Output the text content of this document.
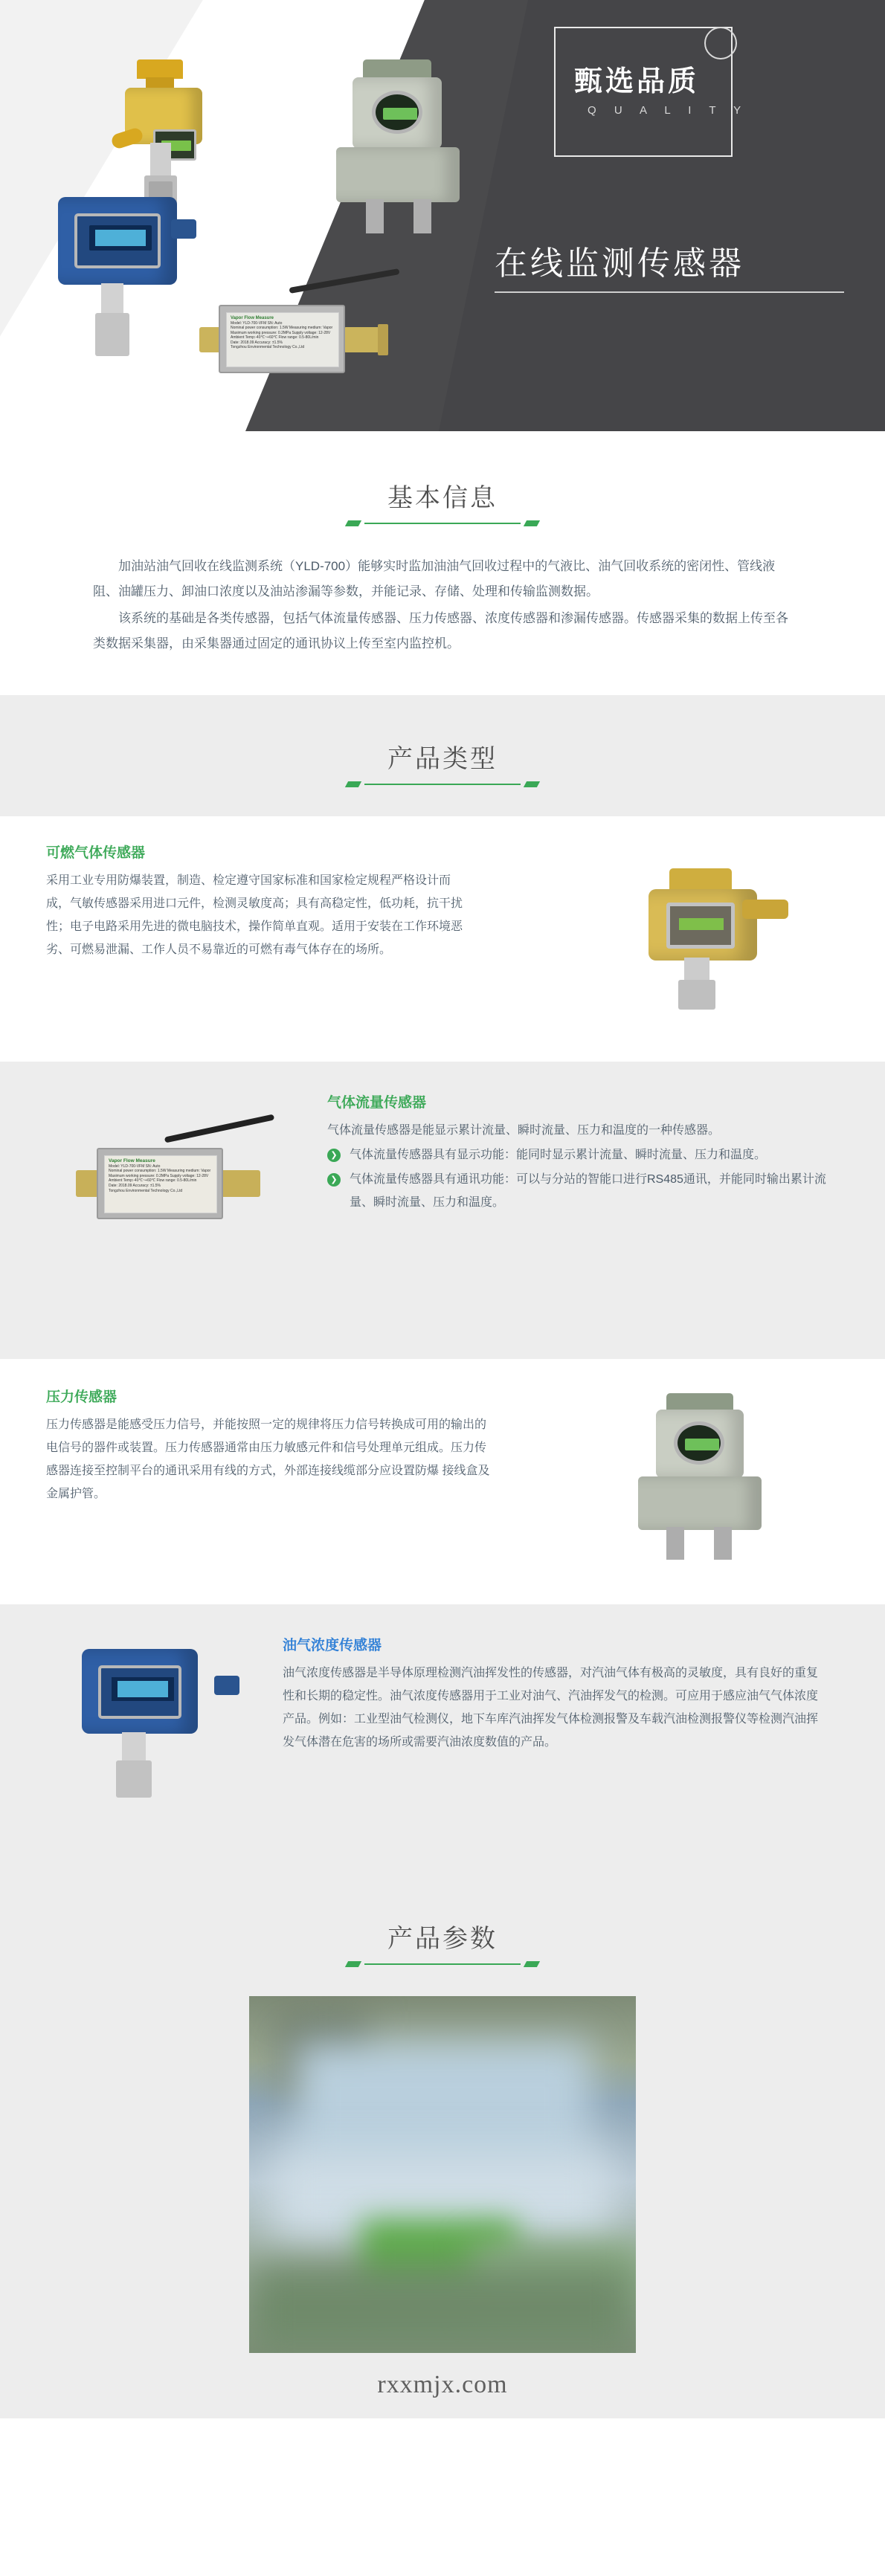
Vapor Flow Measure
Model: YLD-700-VFM SN: Auto
Nominal power consumption: 1.5W Measuring medium: Vapor
Maximum working pressure: 0.2MPa Supply voltage: 12-28V
Ambient Temp:-40℃~+60℃ Flow range: 0.5-80L/min
Date: 2018.09 Accuracy: ±1.5%
Tongzhou Environmental Technology Co.,Ltd
甄选品质
Q U A L I T Y
在线监测传感器
基本信息

加油站油气回收在线监测系统（YLD-700）能够实时监加油油气回收过程中的气液比、油气回收系统的密闭性、管线液阻、油罐压力、卸油口浓度以及油站渗漏等参数，并能记录、存储、处理和传输监测数据。

该系统的基础是各类传感器，包括气体流量传感器、压力传感器、浓度传感器和渗漏传感器。传感器采集的数据上传至各类数据采集器，由采集器通过固定的通讯协议上传至室内监控机。

产品类型
可燃气体传感器
采用工业专用防爆装置，制造、检定遵守国家标准和国家检定规程严格设计而成，气敏传感器采用进口元件，检测灵敏度高；具有高稳定性，低功耗，抗干扰性；电子电路采用先进的微电脑技术，操作简单直观。适用于安装在工作环境恶劣、可燃易泄漏、工作人员不易靠近的可燃有毒气体存在的场所。
Vapor Flow Measure
Model: YLD-700-VFM SN: Auto
Nominal power consumption: 1.5W Measuring medium: Vapor
Maximum working pressure: 0.2MPa Supply voltage: 12-28V
Ambient Temp:-40℃~+60℃ Flow range: 0.5-80L/min
Date: 2018.09 Accuracy: ±1.5%
Tongzhou Environmental Technology Co.,Ltd
气体流量传感器
气体流量传感器是能显示累计流量、瞬时流量、压力和温度的一种传感器。
❯ 气体流量传感器具有显示功能：能同时显示累计流量、瞬时流量、压力和温度。
❯ 气体流量传感器具有通讯功能：可以与分站的智能口进行RS485通讯，并能同时输出累计流量、瞬时流量、压力和温度。
压力传感器
压力传感器是能感受压力信号，并能按照一定的规律将压力信号转换成可用的输出的电信号的器件或装置。压力传感器通常由压力敏感元件和信号处理单元组成。压力传感器连接至控制平台的通讯采用有线的方式，外部连接线缆部分应设置防爆 接线盒及金属护管。
油气浓度传感器
油气浓度传感器是半导体原理检测汽油挥发性的传感器，对汽油气体有极高的灵敏度，具有良好的重复性和长期的稳定性。油气浓度传感器用于工业对油气、汽油挥发气的检测。可应用于感应油气气体浓度产品。例如：工业型油气检测仪，地下车库汽油挥发气体检测报警及车载汽油检测报警仪等检测汽油挥发气体潜在危害的场所或需要汽油浓度数值的产品。
产品参数
rxxmjx.com
